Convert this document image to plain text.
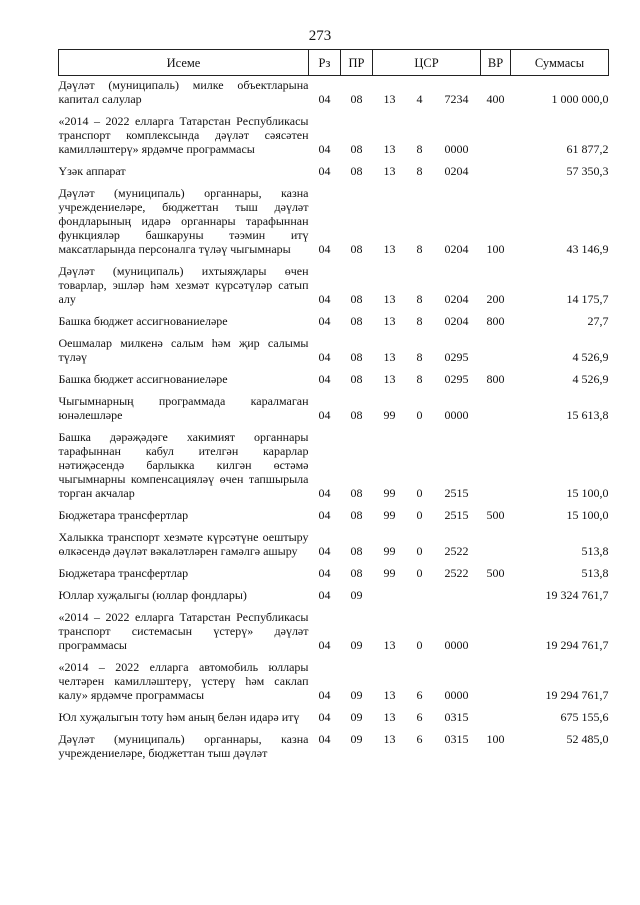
273
Исеме	Рз	ПР	ЦСР			ВР	Суммасы
Дәүләт (муниципаль) милке объектларына капитал салулар	04	08	13	4	7234	400	1 000 000,0
«2014 – 2022 елларга Татарстан Республикасы транспорт комплексында дәүләт сәясәтен камилләштерү» ярдәмче программасы	04	08	13	8	0000		61 877,2
Үзәк аппарат	04	08	13	8	0204		57 350,3
Дәүләт (муниципаль) органнары, казна учреждениеләре, бюджеттан тыш дәүләт фондларының идарә органнары тарафыннан функцияләр башкаруны тәэмин итү максатларында персоналга түләү чыгымнары	04	08	13	8	0204	100	43 146,9
Дәүләт (муниципаль) ихтыяҗлары өчен товарлар, эшләр һәм хезмәт күрсәтүләр сатып алу	04	08	13	8	0204	200	14 175,7
Башка бюджет ассигнованиеләре	04	08	13	8	0204	800	27,7
Оешмалар милкенә салым һәм җир салымы түләү	04	08	13	8	0295		4 526,9
Башка бюджет ассигнованиеләре	04	08	13	8	0295	800	4 526,9
Чыгымнарның программада каралмаган юнәлешләре	04	08	99	0	0000		15 613,8
Башка дәрәҗәдәге хакимият органнары тарафыннан кабул ителгән карарлар нәтиҗәсендә барлыкка килгән өстәмә чыгымнарны компенсацияләү өчен тапшырыла торган акчалар	04	08	99	0	2515		15 100,0
Бюджетара трансфертлар	04	08	99	0	2515	500	15 100,0
Халыкка транспорт хезмәте күрсәтүне оештыру өлкәсендә дәүләт вәкаләтләрен гамәлгә ашыру	04	08	99	0	2522		513,8
Бюджетара трансфертлар	04	08	99	0	2522	500	513,8
Юллар хуҗалыгы (юллар фондлары)	04	09					19 324 761,7
«2014 – 2022 елларга Татарстан Республикасы транспорт системасын үстерү» дәүләт программасы	04	09	13	0	0000		19 294 761,7
«2014 – 2022 елларга автомобиль юллары челтәрен камилләштерү, үстерү һәм саклап калу» ярдәмче программасы	04	09	13	6	0000		19 294 761,7
Юл хуҗалыгын тоту һәм аның белән идарә итү	04	09	13	6	0315		675 155,6
Дәүләт (муниципаль) органнары, казна учреждениеләре, бюджеттан тыш дәүләт	04	09	13	6	0315	100	52 485,0
